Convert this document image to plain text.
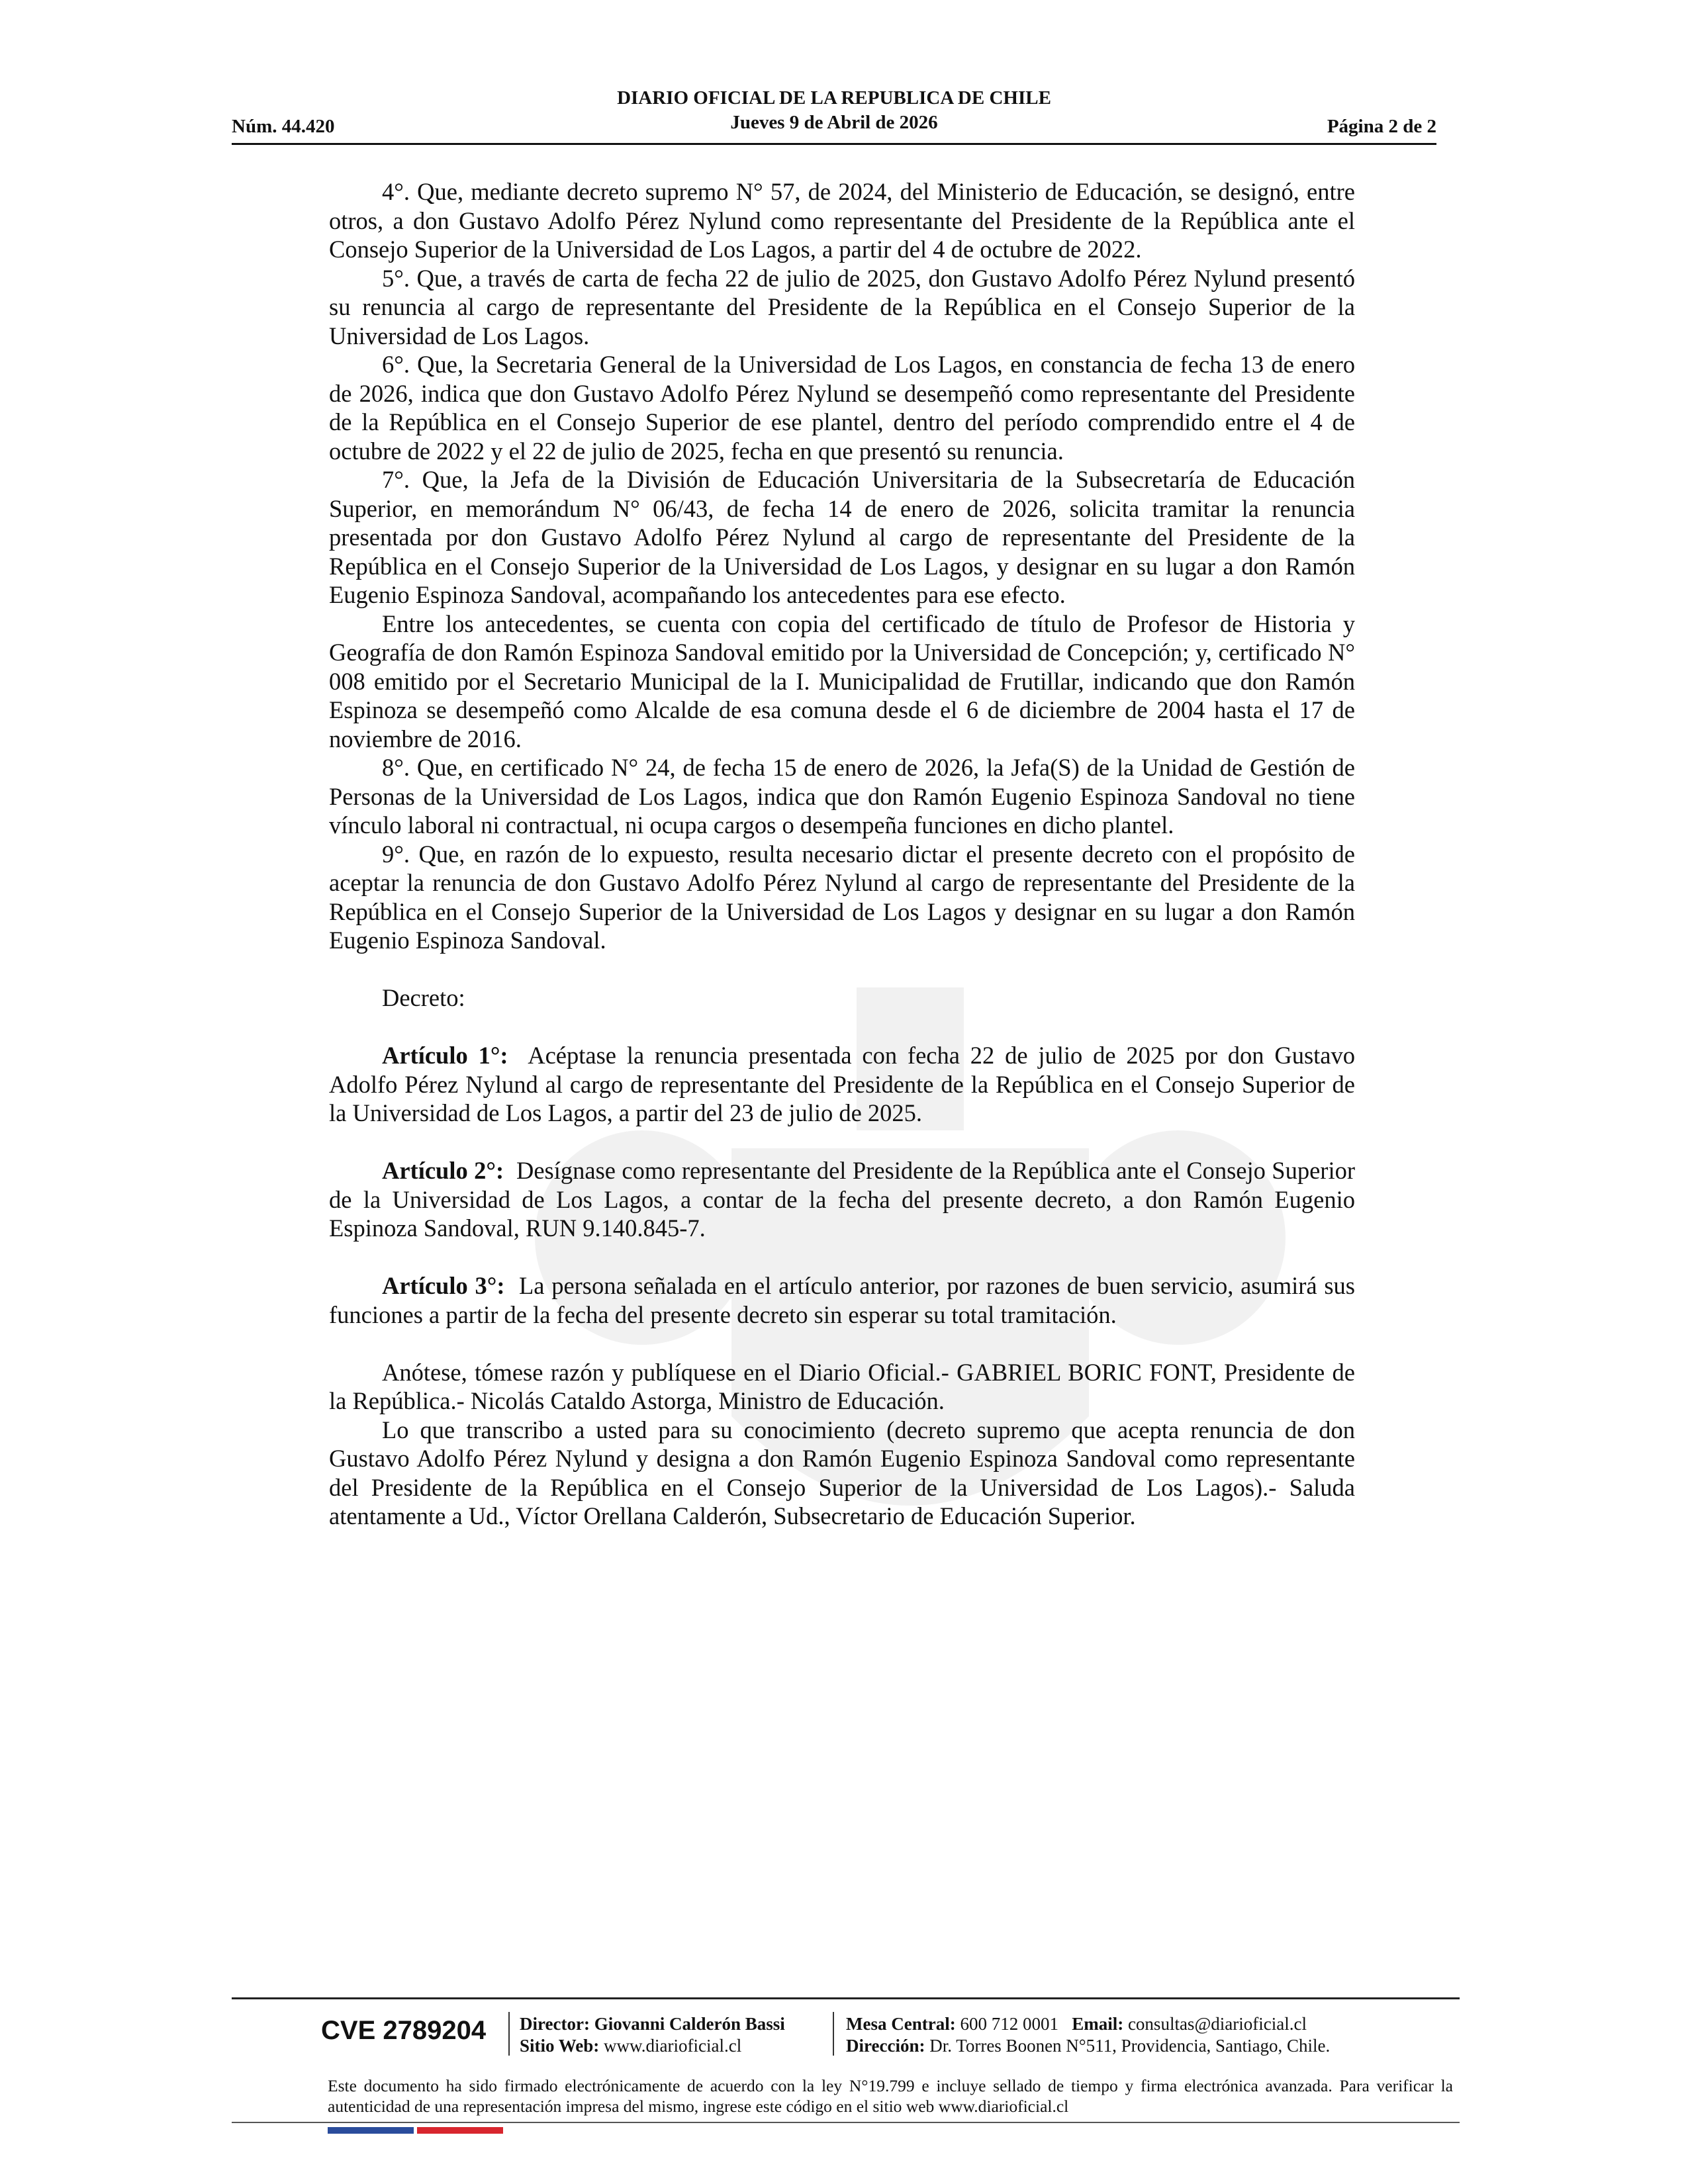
Núm. 44.420
DIARIO OFICIAL DE LA REPUBLICA DE CHILE
Jueves 9 de Abril de 2026	Página 2 de 2

4°. Que, mediante decreto supremo N° 57, de 2024, del Ministerio de Educación, se designó, entre otros, a don Gustavo Adolfo Pérez Nylund como representante del Presidente de la República ante el Consejo Superior de la Universidad de Los Lagos, a partir del 4 de octubre de 2022.

5°. Que, a través de carta de fecha 22 de julio de 2025, don Gustavo Adolfo Pérez Nylund presentó su renuncia al cargo de representante del Presidente de la República en el Consejo Superior de la Universidad de Los Lagos.

6°. Que, la Secretaria General de la Universidad de Los Lagos, en constancia de fecha 13 de enero de 2026, indica que don Gustavo Adolfo Pérez Nylund se desempeñó como representante del Presidente de la República en el Consejo Superior de ese plantel, dentro del período comprendido entre el 4 de octubre de 2022 y el 22 de julio de 2025, fecha en que presentó su renuncia.

7°. Que, la Jefa de la División de Educación Universitaria de la Subsecretaría de Educación Superior, en memorándum N° 06/43, de fecha 14 de enero de 2026, solicita tramitar la renuncia presentada por don Gustavo Adolfo Pérez Nylund al cargo de representante del Presidente de la República en el Consejo Superior de la Universidad de Los Lagos, y designar en su lugar a don Ramón Eugenio Espinoza Sandoval, acompañando los antecedentes para ese efecto.

Entre los antecedentes, se cuenta con copia del certificado de título de Profesor de Historia y Geografía de don Ramón Espinoza Sandoval emitido por la Universidad de Concepción; y, certificado N° 008 emitido por el Secretario Municipal de la I. Municipalidad de Frutillar, indicando que don Ramón Espinoza se desempeñó como Alcalde de esa comuna desde el 6 de diciembre de 2004 hasta el 17 de noviembre de 2016.

8°. Que, en certificado N° 24, de fecha 15 de enero de 2026, la Jefa(S) de la Unidad de Gestión de Personas de la Universidad de Los Lagos, indica que don Ramón Eugenio Espinoza Sandoval no tiene vínculo laboral ni contractual, ni ocupa cargos o desempeña funciones en dicho plantel.

9°. Que, en razón de lo expuesto, resulta necesario dictar el presente decreto con el propósito de aceptar la renuncia de don Gustavo Adolfo Pérez Nylund al cargo de representante del Presidente de la República en el Consejo Superior de la Universidad de Los Lagos y designar en su lugar a don Ramón Eugenio Espinoza Sandoval.

Decreto:

Artículo 1°: Acéptase la renuncia presentada con fecha 22 de julio de 2025 por don Gustavo Adolfo Pérez Nylund al cargo de representante del Presidente de la República en el Consejo Superior de la Universidad de Los Lagos, a partir del 23 de julio de 2025.

Artículo 2°: Desígnase como representante del Presidente de la República ante el Consejo Superior de la Universidad de Los Lagos, a contar de la fecha del presente decreto, a don Ramón Eugenio Espinoza Sandoval, RUN 9.140.845-7.

Artículo 3°: La persona señalada en el artículo anterior, por razones de buen servicio, asumirá sus funciones a partir de la fecha del presente decreto sin esperar su total tramitación.

Anótese, tómese razón y publíquese en el Diario Oficial.- GABRIEL BORIC FONT, Presidente de la República.- Nicolás Cataldo Astorga, Ministro de Educación.

Lo que transcribo a usted para su conocimiento (decreto supremo que acepta renuncia de don Gustavo Adolfo Pérez Nylund y designa a don Ramón Eugenio Espinoza Sandoval como representante del Presidente de la República en el Consejo Superior de la Universidad de Los Lagos).- Saluda atentamente a Ud., Víctor Orellana Calderón, Subsecretario de Educación Superior.

CVE 2789204 Director: Giovanni Calderón Bassi
Sitio Web: www.diarioficial.cl
Mesa Central: 600 712 0001 Email: consultas@diarioficial.cl
Dirección: Dr. Torres Boonen N°511, Providencia, Santiago, Chile.
Este documento ha sido firmado electrónicamente de acuerdo con la ley N°19.799 e incluye sellado de tiempo y firma electrónica avanzada. Para verificar la autenticidad de una representación impresa del mismo, ingrese este código en el sitio web www.diarioficial.cl
